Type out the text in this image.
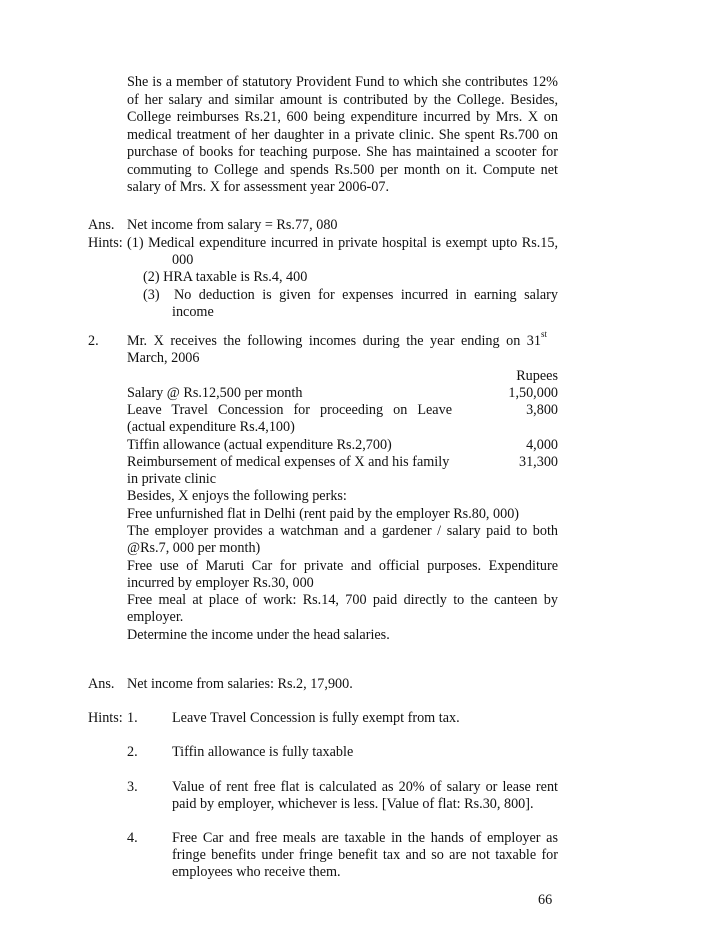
She is a member of statutory Provident Fund to which she contributes 12%
of her salary and similar amount is contributed by the College. Besides,
College reimburses Rs.21, 600 being expenditure incurred by Mrs. X on
medical treatment of her daughter in a private clinic. She spent Rs.700 on
purchase of books for teaching purpose. She has maintained a scooter for
commuting to College and spends Rs.500 per month on it. Compute net
salary of Mrs. X for assessment year 2006-07.
Ans. Net income from salary = Rs.77, 080
Hints: (1) Medical expenditure incurred in private hospital is exempt upto Rs.15,
000
(2) HRA taxable is Rs.4, 400
(3) No deduction is given for expenses incurred in earning salary
income
2. Mr. X receives the following incomes during the year ending on 31st
March, 2006
Rupees
Salary @ Rs.12,500 per month	1,50,000
Leave Travel Concession for proceeding on Leave	3,800
(actual expenditure Rs.4,100)
Tiffin allowance (actual expenditure Rs.2,700)	4,000
Reimbursement of medical expenses of X and his family	31,300
in private clinic
Besides, X enjoys the following perks:
Free unfurnished flat in Delhi (rent paid by the employer Rs.80, 000)
The employer provides a watchman and a gardener / salary paid to both
@Rs.7, 000 per month)
Free use of Maruti Car for private and official purposes. Expenditure
incurred by employer Rs.30, 000
Free meal at place of work: Rs.14, 700 paid directly to the canteen by
employer.
Determine the income under the head salaries.
Ans. Net income from salaries: Rs.2, 17,900.
Hints: 1. Leave Travel Concession is fully exempt from tax.
2. Tiffin allowance is fully taxable
3. Value of rent free flat is calculated as 20% of salary or lease rent
paid by employer, whichever is less. [Value of flat: Rs.30, 800].
4. Free Car and free meals are taxable in the hands of employer as
fringe benefits under fringe benefit tax and so are not taxable for
employees who receive them.
66
